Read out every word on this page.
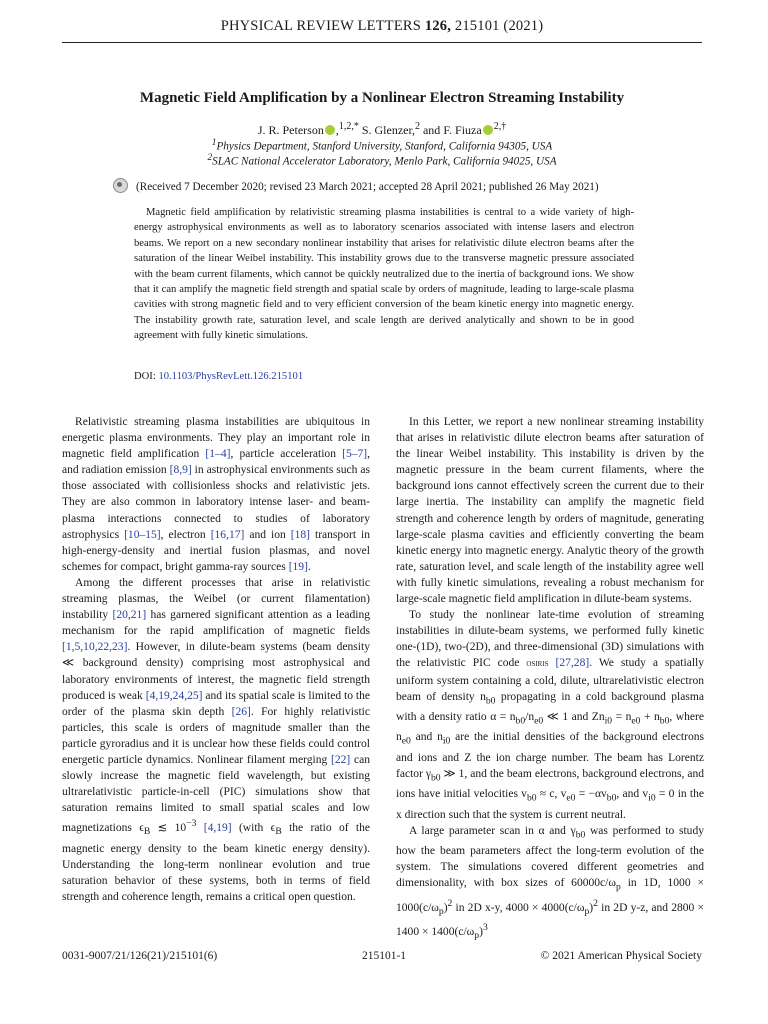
PHYSICAL REVIEW LETTERS 126, 215101 (2021)
Magnetic Field Amplification by a Nonlinear Electron Streaming Instability
J. R. Peterson ,$^{1,2,*}$ S. Glenzer,$^2$ and F. Fiuza $^{2,\dagger}$
$^1$Physics Department, Stanford University, Stanford, California 94305, USA
$^2$SLAC National Accelerator Laboratory, Menlo Park, California 94025, USA
(Received 7 December 2020; revised 23 March 2021; accepted 28 April 2021; published 26 May 2021)
Magnetic field amplification by relativistic streaming plasma instabilities is central to a wide variety of high-energy astrophysical environments as well as to laboratory scenarios associated with intense lasers and electron beams. We report on a new secondary nonlinear instability that arises for relativistic dilute electron beams after the saturation of the linear Weibel instability. This instability grows due to the transverse magnetic pressure associated with the beam current filaments, which cannot be quickly neutralized due to the inertia of background ions. We show that it can amplify the magnetic field strength and spatial scale by orders of magnitude, leading to large-scale plasma cavities with strong magnetic field and to very efficient conversion of the beam kinetic energy into magnetic energy. The instability growth rate, saturation level, and scale length are derived analytically and shown to be in good agreement with fully kinetic simulations.
DOI: 10.1103/PhysRevLett.126.215101

Relativistic streaming plasma instabilities are ubiquitous in energetic plasma environments. They play an important role in magnetic field amplification [1–4], particle acceleration [5–7], and radiation emission [8,9] in astrophysical environments such as those associated with collisionless shocks and relativistic jets. They are also common in laboratory intense laser- and beam-plasma interactions connected to studies of laboratory astrophysics [10–15], electron [16,17] and ion [18] transport in high-energy-density and inertial fusion plasmas, and novel schemes for compact, bright gamma-ray sources [19].

Among the different processes that arise in relativistic streaming plasmas, the Weibel (or current filamentation) instability [20,21] has garnered significant attention as a leading mechanism for the rapid amplification of magnetic fields [1,5,10,22,23]. However, in dilute-beam systems (beam density ≪ background density) comprising most astrophysical and laboratory environments of interest, the magnetic field strength produced is weak [4,19,24,25] and its spatial scale is limited to the order of the plasma skin depth [26]. For highly relativistic particles, this scale is orders of magnitude smaller than the particle gyroradius and it is unclear how these fields could control energetic particle dynamics. Nonlinear filament merging [22] can slowly increase the magnetic field wavelength, but existing ultrarelativistic particle-in-cell (PIC) simulations show that saturation remains limited to small spatial scales and low magnetizations $\epsilon_B$ ≲ $10^{-3}$ [4,19] (with $\epsilon_B$ the ratio of the magnetic energy density to the beam kinetic energy density). Understanding the long-term nonlinear evolution and true saturation behavior of these systems, both in terms of field strength and coherence length, remains a critical open question.

In this Letter, we report a new nonlinear streaming instability that arises in relativistic dilute electron beams after saturation of the linear Weibel instability. This instability is driven by the magnetic pressure in the beam current filaments, where the background ions cannot effectively screen the current due to their large inertia. The instability can amplify the magnetic field strength and coherence length by orders of magnitude, generating large-scale plasma cavities and efficiently converting the beam kinetic energy into magnetic energy. Analytic theory of the growth rate, saturation level, and scale length of the instability agree well with fully kinetic simulations, revealing a robust mechanism for large-scale magnetic field amplification in dilute-beam systems.

To study the nonlinear late-time evolution of streaming instabilities in dilute-beam systems, we performed fully kinetic one-(1D), two-(2D), and three-dimensional (3D) simulations with the relativistic PIC code osiris [27,28]. We study a spatially uniform system containing a cold, dilute, ultrarelativistic electron beam of density $n_{b0}$ propagating in a cold background plasma with a density ratio $\alpha = n_{b0}/n_{e0}$ ≪ 1 and $Zn_{i0} = n_{e0} + n_{b0}$, where $n_{e0}$ and $n_{i0}$ are the initial densities of the background electrons and ions and Z the ion charge number. The beam has Lorentz factor $\gamma_{b0}$ ≫ 1, and the beam electrons, background electrons, and ions have initial velocities $v_{b0} \approx c$, $v_{e0} = -\alpha v_{b0}$, and $v_{i0} = 0$ in the x direction such that the system is current neutral.

A large parameter scan in α and $\gamma_{b0}$ was performed to study how the beam parameters affect the long-term evolution of the system. The simulations covered different geometries and dimensionality, with box sizes of $60000c/\omega_p$ in 1D, $1000 \times 1000(c/\omega_p)^2$ in 2D x-y, $4000 \times 4000(c/\omega_p)^2$ in 2D y-z, and $2800 \times 1400 \times 1400(c/\omega_p)^3$

0031-9007/21/126(21)/215101(6)	215101-1	© 2021 American Physical Society
